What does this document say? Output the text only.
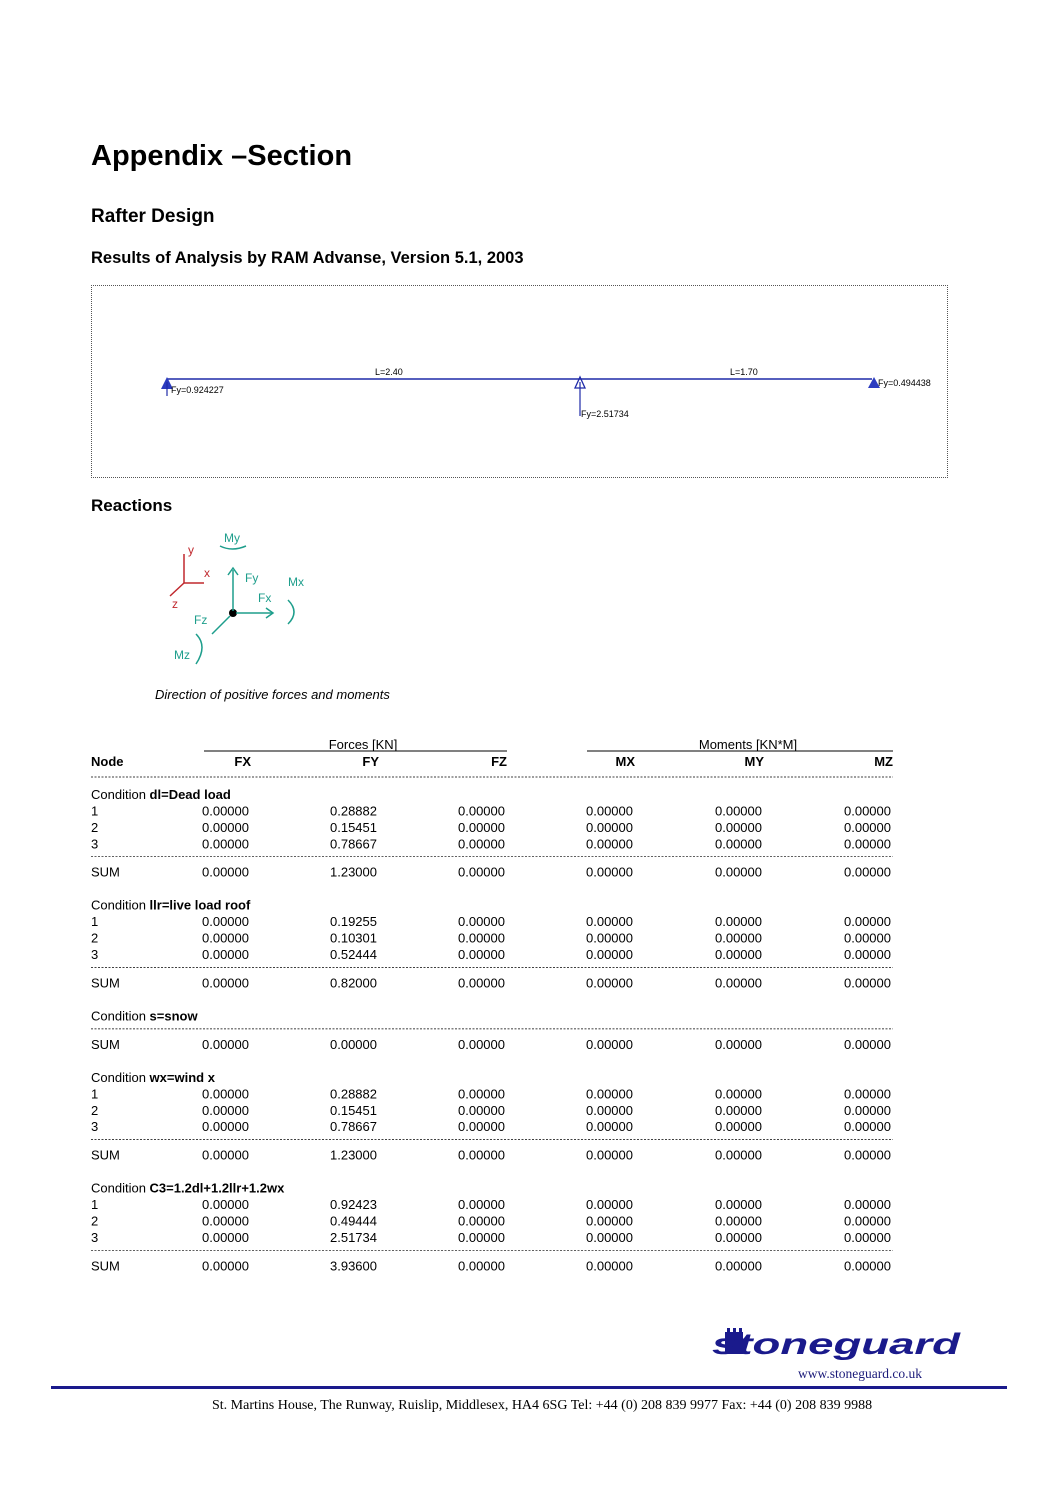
Appendix –Section
Rafter Design
Results of Analysis by RAM Advanse, Version 5.1, 2003
L=2.40	L=1.70
Fy=0.924227
Fy=2.51734
Fy=0.494438
Reactions
y
x
z
Fy
Fx
Fz
My
Mx
Mz
Direction of positive forces and moments
Forces [KN]	Moments [KN*M]
Node	FX	FY	FZ	MX	MY	MZ
Condition dl=Dead load
1	0.00000	0.28882	0.00000	0.00000	0.00000	0.00000
2	0.00000	0.15451	0.00000	0.00000	0.00000	0.00000
3	0.00000	0.78667	0.00000	0.00000	0.00000	0.00000
SUM	0.00000	1.23000	0.00000	0.00000	0.00000	0.00000
Condition llr=live load roof
1	0.00000	0.19255	0.00000	0.00000	0.00000	0.00000
2	0.00000	0.10301	0.00000	0.00000	0.00000	0.00000
3	0.00000	0.52444	0.00000	0.00000	0.00000	0.00000
SUM	0.00000	0.82000	0.00000	0.00000	0.00000	0.00000
Condition s=snow
SUM	0.00000	0.00000	0.00000	0.00000	0.00000	0.00000
Condition wx=wind x
1	0.00000	0.28882	0.00000	0.00000	0.00000	0.00000
2	0.00000	0.15451	0.00000	0.00000	0.00000	0.00000
3	0.00000	0.78667	0.00000	0.00000	0.00000	0.00000
SUM	0.00000	1.23000	0.00000	0.00000	0.00000	0.00000
Condition C3=1.2dl+1.2llr+1.2wx
1	0.00000	0.92423	0.00000	0.00000	0.00000	0.00000
2	0.00000	0.49444	0.00000	0.00000	0.00000	0.00000
3	0.00000	2.51734	0.00000	0.00000	0.00000	0.00000
SUM	0.00000	3.93600	0.00000	0.00000	0.00000	0.00000
stoneguard
www.stoneguard.co.uk
St. Martins House, The Runway, Ruislip, Middlesex, HA4 6SG Tel: +44 (0) 208 839 9977 Fax: +44 (0) 208 839 9988
